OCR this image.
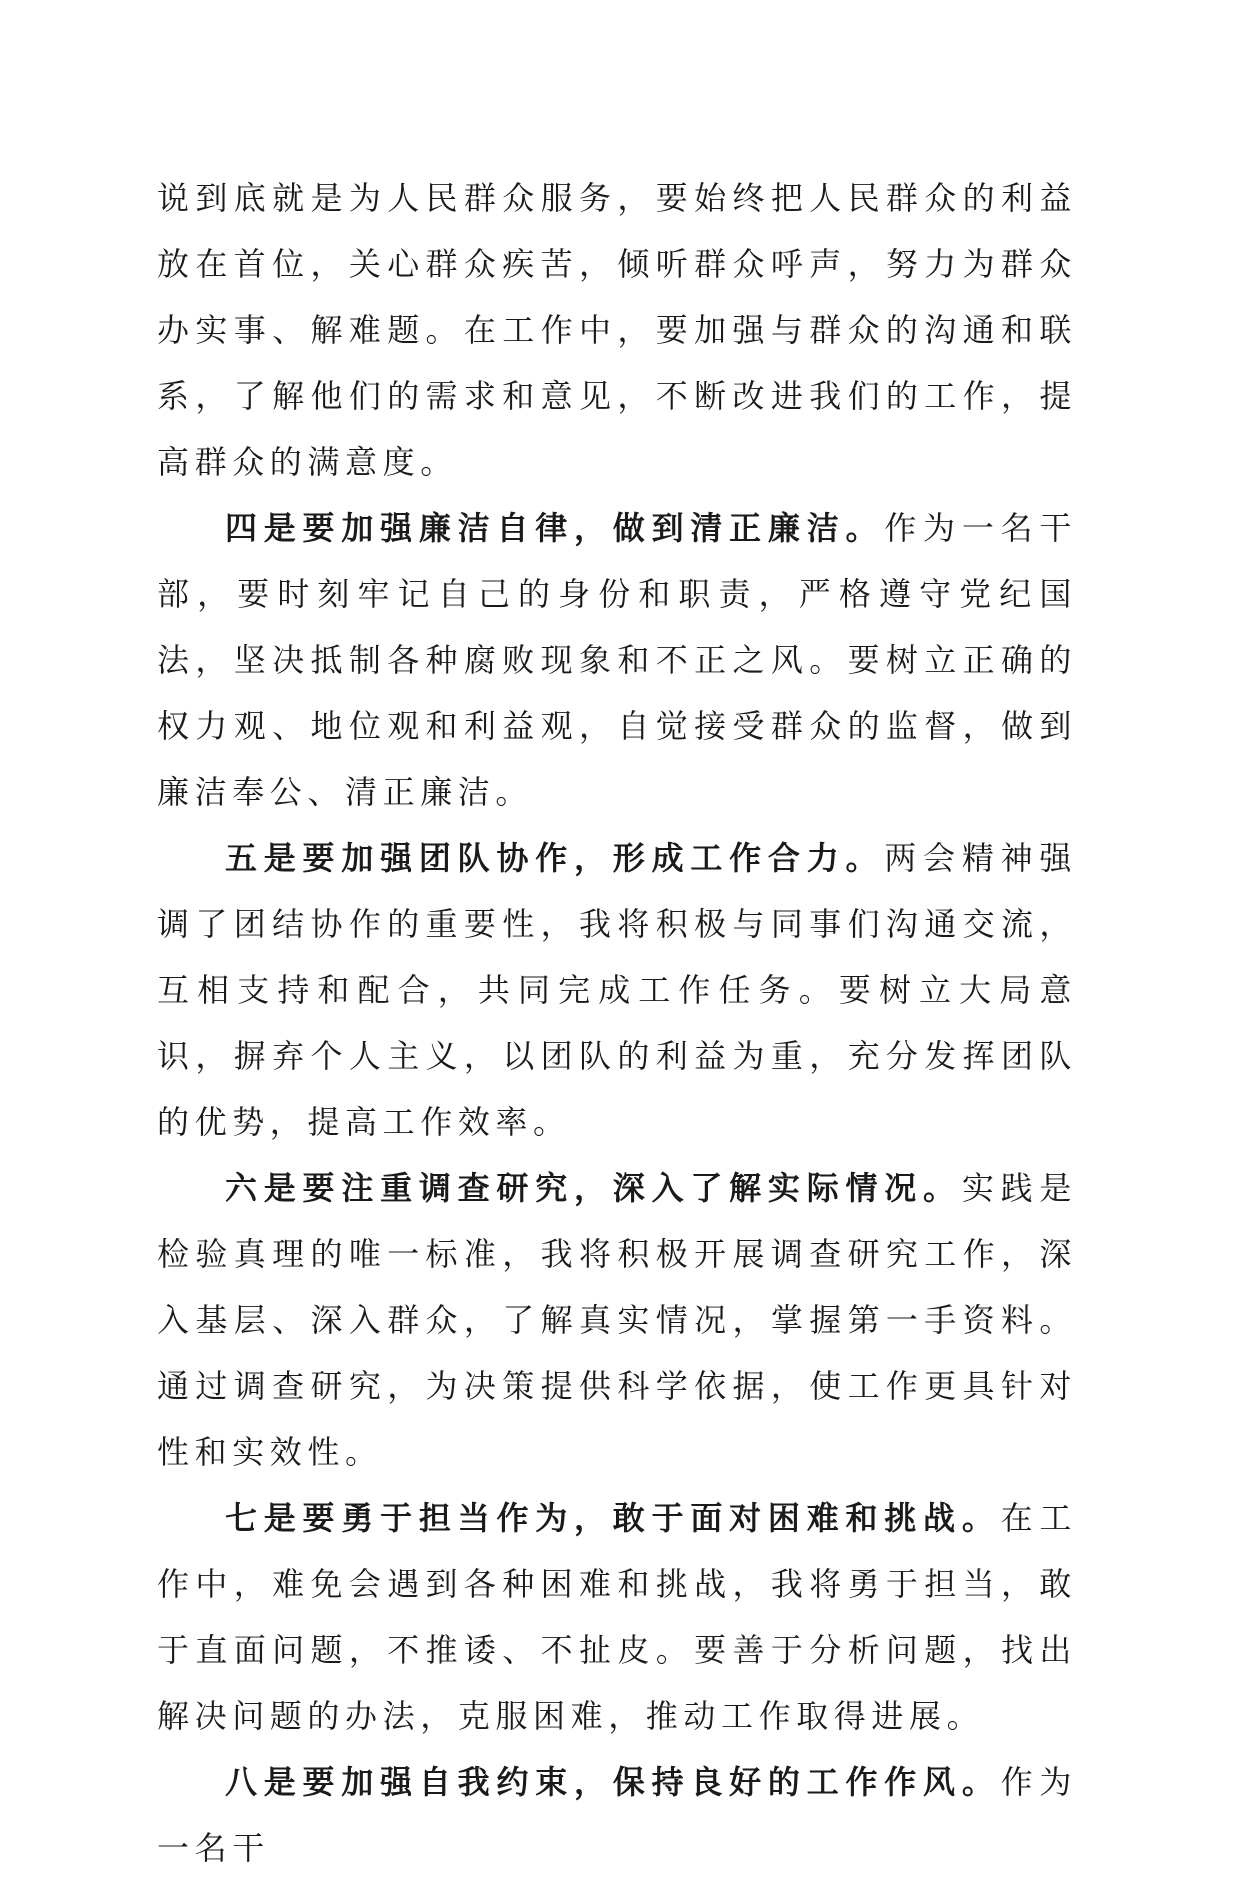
说到底就是为人民群众服务，要始终把人民群众的利益放在首位，关心群众疾苦，倾听群众呼声，努力为群众办实事、解难题。在工作中，要加强与群众的沟通和联系，了解他们的需求和意见，不断改进我们的工作，提高群众的满意度。

四是要加强廉洁自律，做到清正廉洁。作为一名干部，要时刻牢记自己的身份和职责，严格遵守党纪国法，坚决抵制各种腐败现象和不正之风。要树立正确的权力观、地位观和利益观，自觉接受群众的监督，做到廉洁奉公、清正廉洁。

五是要加强团队协作，形成工作合力。两会精神强调了团结协作的重要性，我将积极与同事们沟通交流，互相支持和配合，共同完成工作任务。要树立大局意识，摒弃个人主义，以团队的利益为重，充分发挥团队的优势，提高工作效率。

六是要注重调查研究，深入了解实际情况。实践是检验真理的唯一标准，我将积极开展调查研究工作，深入基层、深入群众，了解真实情况，掌握第一手资料。通过调查研究，为决策提供科学依据，使工作更具针对性和实效性。

七是要勇于担当作为，敢于面对困难和挑战。在工作中，难免会遇到各种困难和挑战，我将勇于担当，敢于直面问题，不推诿、不扯皮。要善于分析问题，找出解决问题的办法，克服困难，推动工作取得进展。

八是要加强自我约束，保持良好的工作作风。作为一名干
